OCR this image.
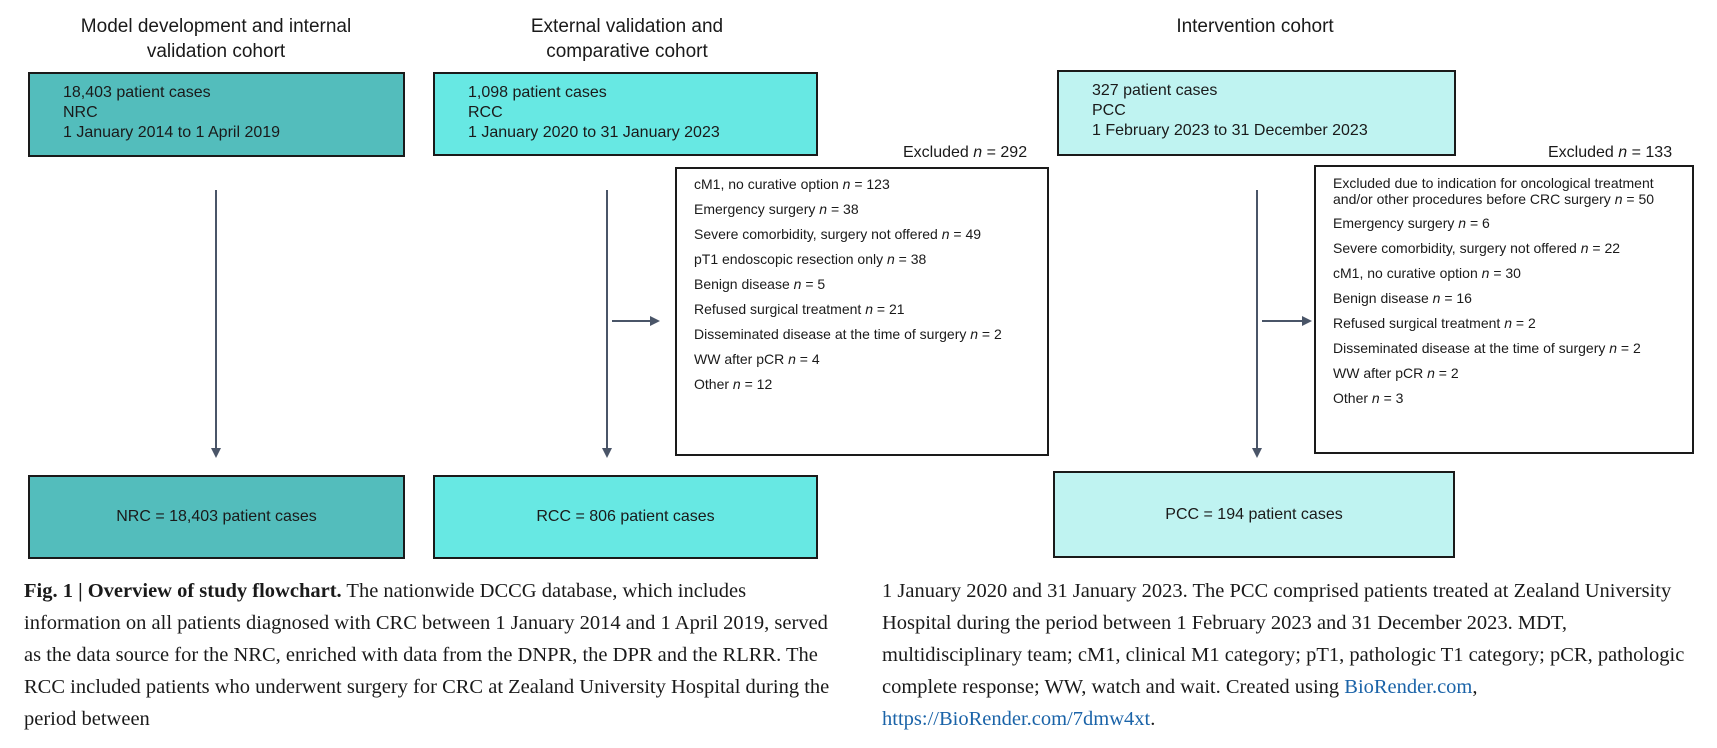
Model development and internal validation cohort
External validation and comparative cohort
Intervention cohort
18,403 patient cases
NRC
1 January 2014 to 1 April 2019
1,098 patient cases
RCC
1 January 2020 to 31 January 2023
327 patient cases
PCC
1 February 2023 to 31 December 2023
Excluded n = 292	Excluded n = 133
cM1, no curative option n = 123
Emergency surgery n = 38
Severe comorbidity, surgery not offered n = 49
pT1 endoscopic resection only n = 38
Benign disease n = 5
Refused surgical treatment n = 21
Disseminated disease at the time of surgery n = 2
WW after pCR n = 4
Other n = 12
Excluded due to indication for oncological treatment and/or other procedures before CRC surgery n = 50
Emergency surgery n = 6
Severe comorbidity, surgery not offered n = 22
cM1, no curative option n = 30
Benign disease n = 16
Refused surgical treatment n = 2
Disseminated disease at the time of surgery n = 2
WW after pCR n = 2
Other n = 3
NRC = 18,403 patient cases	RCC = 806 patient cases	PCC = 194 patient cases
Fig. 1 | Overview of study flowchart. The nationwide DCCG database, which includes information on all patients diagnosed with CRC between 1 January 2014 and 1 April 2019, served as the data source for the NRC, enriched with data from the DNPR, the DPR and the RLRR. The RCC included patients who underwent surgery for CRC at Zealand University Hospital during the period between
1 January 2020 and 31 January 2023. The PCC comprised patients treated at Zealand University Hospital during the period between 1 February 2023 and 31 December 2023. MDT, multidisciplinary team; cM1, clinical M1 category; pT1, pathologic T1 category; pCR, pathologic complete response; WW, watch and wait. Created using BioRender.com, https://BioRender.com/7dmw4xt.
